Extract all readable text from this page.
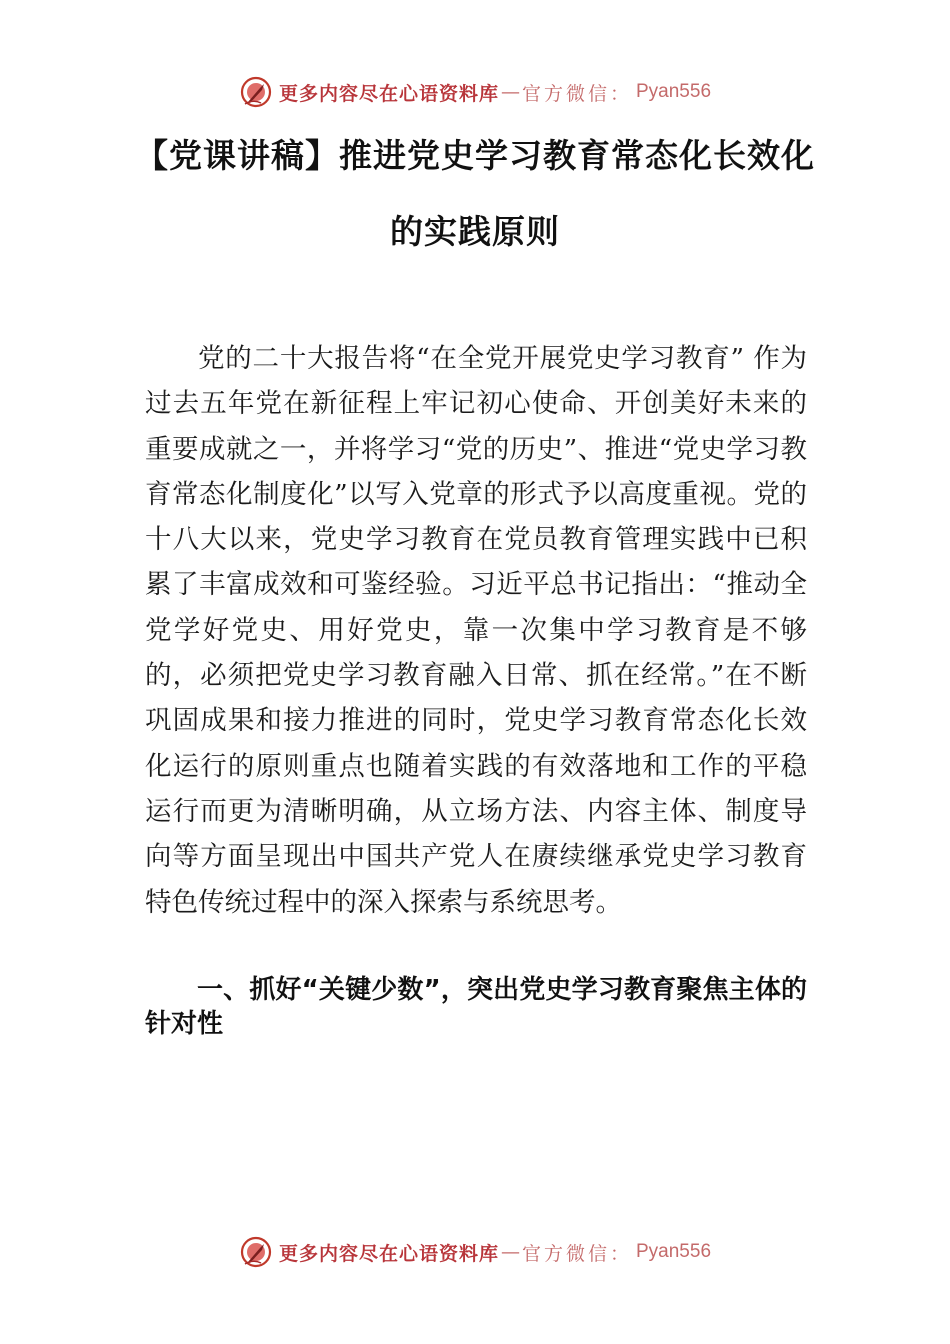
更多内容尽在心语资料库 — 官方微信： Pyan556
【党课讲稿】推进党史学习教育常态化长效化的实践原则

党的二十大报告将“在全党开展党史学习教育” 作为过去五年党在新征程上牢记初心使命、开创美好未来的重要成就之一，并将学习“党的历史”、推进“党史学习教育常态化制度化”以写入党章的形式予以高度重视。党的十八大以来，党史学习教育在党员教育管理实践中已积累了丰富成效和可鉴经验。习近平总书记指出：“推动全党学好党史、用好党史，靠一次集中学习教育是不够的，必须把党史学习教育融入日常、抓在经常。”在不断巩固成果和接力推进的同时，党史学习教育常态化长效化运行的原则重点也随着实践的有效落地和工作的平稳运行而更为清晰明确，从立场方法、内容主体、制度导向等方面呈现出中国共产党人在赓续继承党史学习教育特色传统过程中的深入探索与系统思考。

一、抓好“关键少数”，突出党史学习教育聚焦主体的针对性
更多内容尽在心语资料库 — 官方微信： Pyan556
